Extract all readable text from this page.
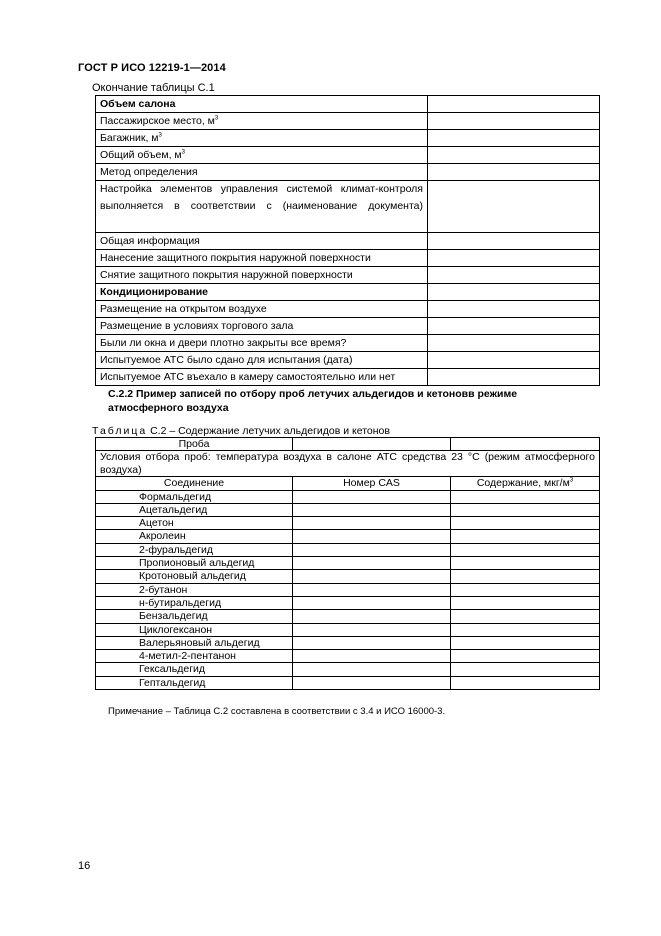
ГОСТ Р ИСО 12219-1—2014
Окончание таблицы С.1
Объем салона	
Пассажирское место, $м^3$	
Багажник, $м^3$	
Общий объем, $м^3$	
Метод определения	
Настройка элементов управления системой климат-контроля выполняется в соответствии с (наименование документа)	
Общая информация	
Нанесение защитного покрытия наружной поверхности	
Снятие защитного покрытия наружной поверхности	
Кондиционирование	
Размещение на открытом воздухе	
Размещение в условиях торгового зала	
Были ли окна и двери плотно закрыты все время?	
Испытуемое АТС было сдано для испытания (дата)	
Испытуемое АТС въехало в камеру самостоятельно или нет	
С.2.2 Пример записей по отбору проб летучих альдегидов и кетоновв режиме атмосферного воздуха
Таблица С.2 – Содержание летучих альдегидов и кетонов
Проба		
Условия отбора проб: температура воздуха в салоне АТС средства 23 °С (режим атмосферного воздуха)		
Соединение	Номер CAS	Содержание, мкг/$м^3$
Формальдегид		
Ацетальдегид		
Ацетон		
Акролеин		
2-фуральдегид		
Пропионовый альдегид		
Кротоновый альдегид		
2-бутанон		
н-бутиральдегид		
Бензальдегид		
Циклогексанон		
Валерьяновый альдегид		
4-метил-2-пентанон		
Гексальдегид		
Гептальдегид		
Примечание – Таблица С.2 составлена в соответствии с 3.4 и ИСО 16000-3.
16
